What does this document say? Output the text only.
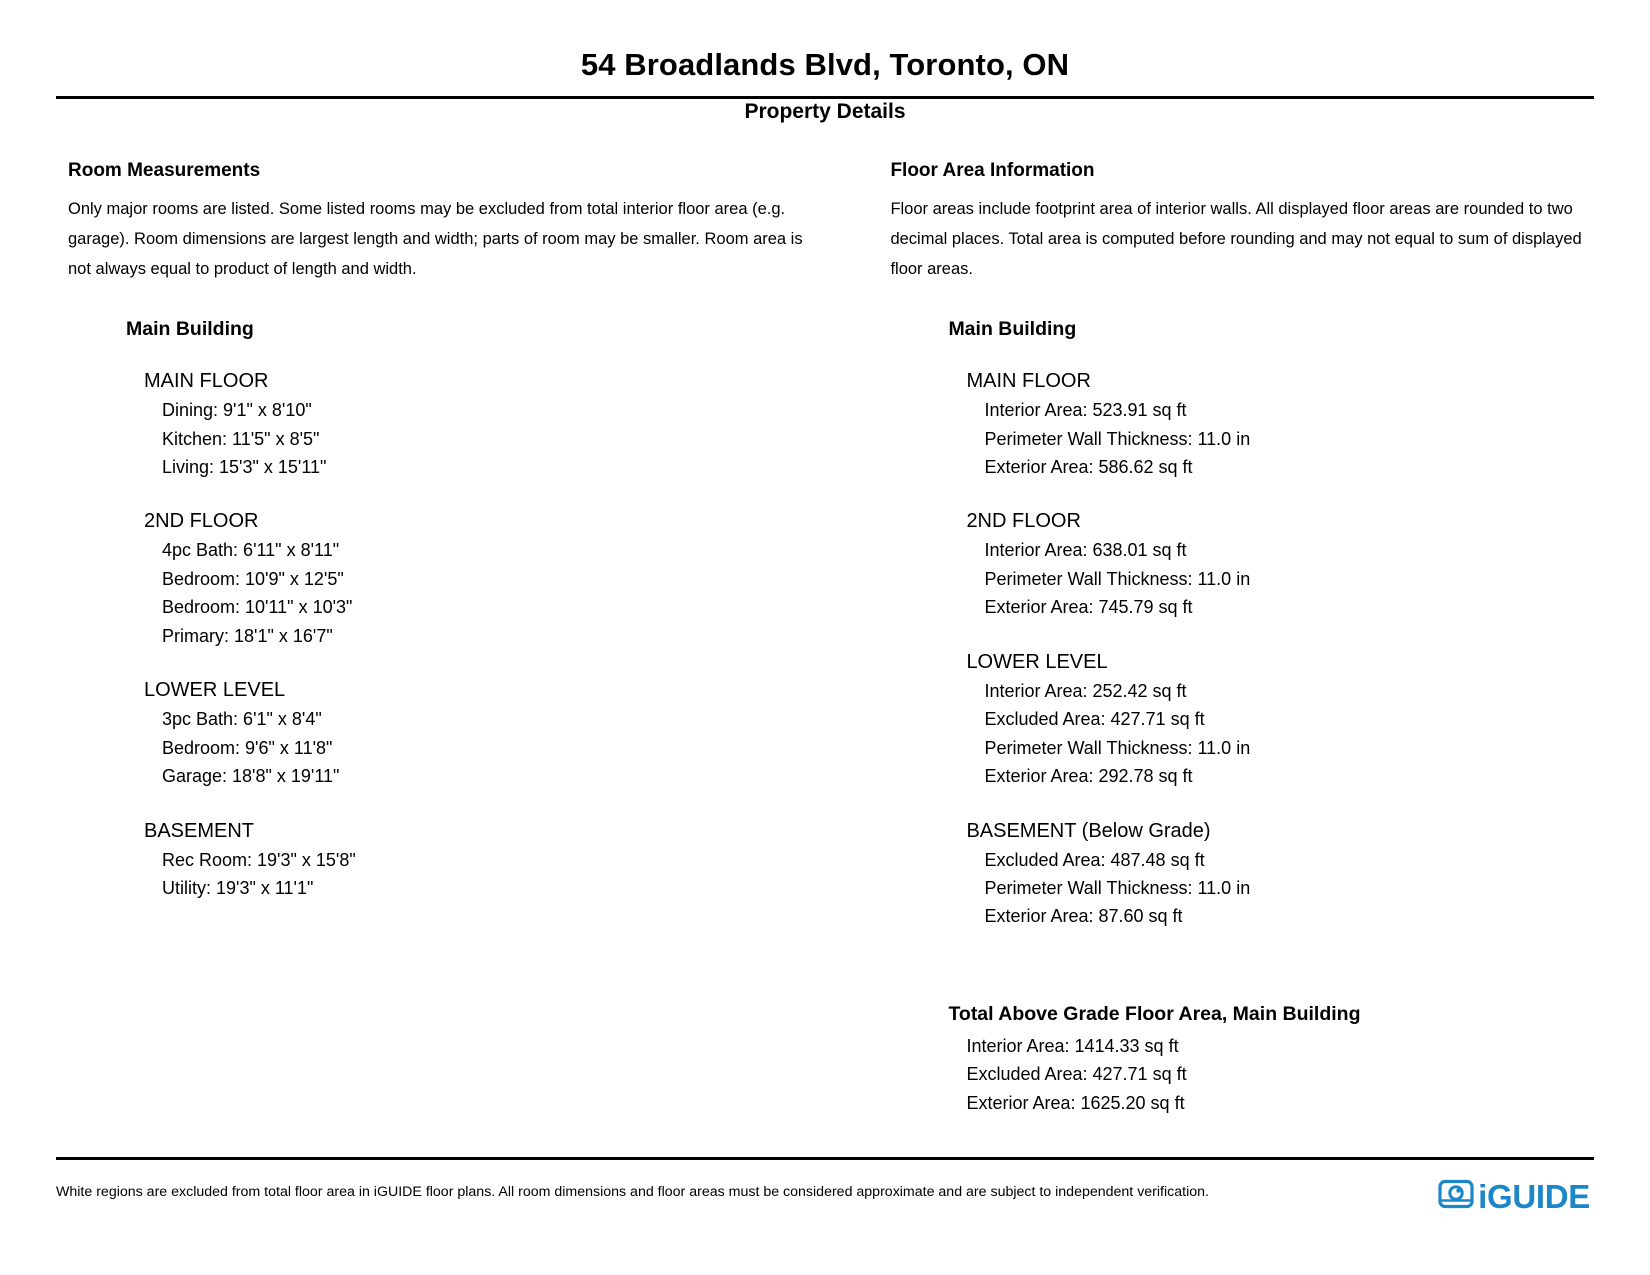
54 Broadlands Blvd, Toronto, ON
Property Details
Room Measurements
Only major rooms are listed. Some listed rooms may be excluded from total interior floor area (e.g. garage). Room dimensions are largest length and width; parts of room may be smaller. Room area is not always equal to product of length and width.
Main Building
MAIN FLOOR
Dining: 9'1" x 8'10"
Kitchen: 11'5" x 8'5"
Living: 15'3" x 15'11"
2ND FLOOR
4pc Bath: 6'11" x 8'11"
Bedroom: 10'9" x 12'5"
Bedroom: 10'11" x 10'3"
Primary: 18'1" x 16'7"
LOWER LEVEL
3pc Bath: 6'1" x 8'4"
Bedroom: 9'6" x 11'8"
Garage: 18'8" x 19'11"
BASEMENT
Rec Room: 19'3" x 15'8"
Utility: 19'3" x 11'1"
Floor Area Information
Floor areas include footprint area of interior walls. All displayed floor areas are rounded to two decimal places. Total area is computed before rounding and may not equal to sum of displayed floor areas.
Main Building
MAIN FLOOR
Interior Area: 523.91 sq ft
Perimeter Wall Thickness: 11.0 in
Exterior Area: 586.62 sq ft
2ND FLOOR
Interior Area: 638.01 sq ft
Perimeter Wall Thickness: 11.0 in
Exterior Area: 745.79 sq ft
LOWER LEVEL
Interior Area: 252.42 sq ft
Excluded Area: 427.71 sq ft
Perimeter Wall Thickness: 11.0 in
Exterior Area: 292.78 sq ft
BASEMENT (Below Grade)
Excluded Area: 487.48 sq ft
Perimeter Wall Thickness: 11.0 in
Exterior Area: 87.60 sq ft
Total Above Grade Floor Area, Main Building
Interior Area: 1414.33 sq ft
Excluded Area: 427.71 sq ft
Exterior Area: 1625.20 sq ft
White regions are excluded from total floor area in iGUIDE floor plans. All room dimensions and floor areas must be considered approximate and are subject to independent verification.	iGUIDE
